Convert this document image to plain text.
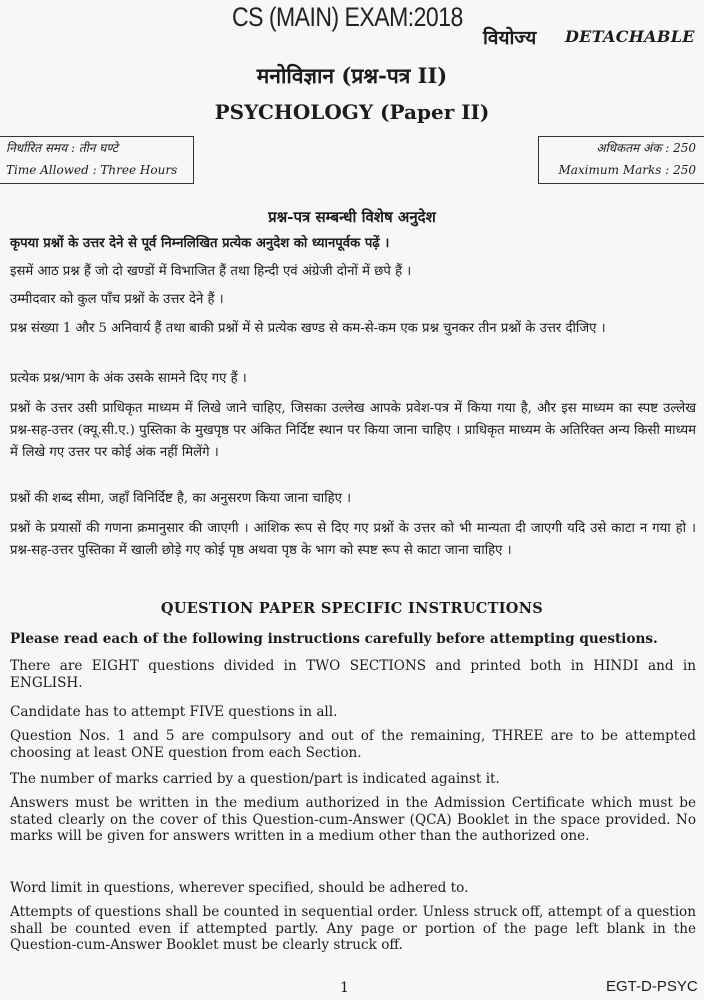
CS (MAIN) EXAM:2018
वियोज्य DETACHABLE
मनोविज्ञान (प्रश्न-पत्र II)
PSYCHOLOGY (Paper II)
निर्धारित समय : तीन घण्टे
Time Allowed : Three Hours
अधिकतम अंक : 250
Maximum Marks : 250
प्रश्न-पत्र सम्बन्धी विशेष अनुदेश
कृपया प्रश्नों के उत्तर देने से पूर्व निम्नलिखित प्रत्येक अनुदेश को ध्यानपूर्वक पढ़ें ।
इसमें आठ प्रश्न हैं जो दो खण्डों में विभाजित हैं तथा हिन्दी एवं अंग्रेजी दोनों में छपे हैं ।
उम्मीदवार को कुल पाँच प्रश्नों के उत्तर देने हैं ।
प्रश्न संख्या 1 और 5 अनिवार्य हैं तथा बाकी प्रश्नों में से प्रत्येक खण्ड से कम-से-कम एक प्रश्न चुनकर तीन प्रश्नों के उत्तर दीजिए ।
प्रत्येक प्रश्न/भाग के अंक उसके सामने दिए गए हैं ।
प्रश्नों के उत्तर उसी प्राधिकृत माध्यम में लिखे जाने चाहिए, जिसका उल्लेख आपके प्रवेश-पत्र में किया गया है, और इस माध्यम का स्पष्ट उल्लेख प्रश्न-सह-उत्तर (क्यू.सी.ए.) पुस्तिका के मुखपृष्ठ पर अंकित निर्दिष्ट स्थान पर किया जाना चाहिए । प्राधिकृत माध्यम के अतिरिक्त अन्य किसी माध्यम में लिखे गए उत्तर पर कोई अंक नहीं मिलेंगे ।
प्रश्नों की शब्द सीमा, जहाँ विनिर्दिष्ट है, का अनुसरण किया जाना चाहिए ।
प्रश्नों के प्रयासों की गणना क्रमानुसार की जाएगी । आंशिक रूप से दिए गए प्रश्नों के उत्तर को भी मान्यता दी जाएगी यदि उसे काटा न गया हो । प्रश्न-सह-उत्तर पुस्तिका में खाली छोड़े गए कोई पृष्ठ अथवा पृष्ठ के भाग को स्पष्ट रूप से काटा जाना चाहिए ।
QUESTION PAPER SPECIFIC INSTRUCTIONS
Please read each of the following instructions carefully before attempting questions.
There are EIGHT questions divided in TWO SECTIONS and printed both in HINDI and in ENGLISH.
Candidate has to attempt FIVE questions in all.
Question Nos. 1 and 5 are compulsory and out of the remaining, THREE are to be attempted choosing at least ONE question from each Section.
The number of marks carried by a question/part is indicated against it.
Answers must be written in the medium authorized in the Admission Certificate which must be stated clearly on the cover of this Question-cum-Answer (QCA) Booklet in the space provided. No marks will be given for answers written in a medium other than the authorized one.
Word limit in questions, wherever specified, should be adhered to.
Attempts of questions shall be counted in sequential order. Unless struck off, attempt of a question shall be counted even if attempted partly. Any page or portion of the page left blank in the Question-cum-Answer Booklet must be clearly struck off.
1	EGT-D-PSYC
